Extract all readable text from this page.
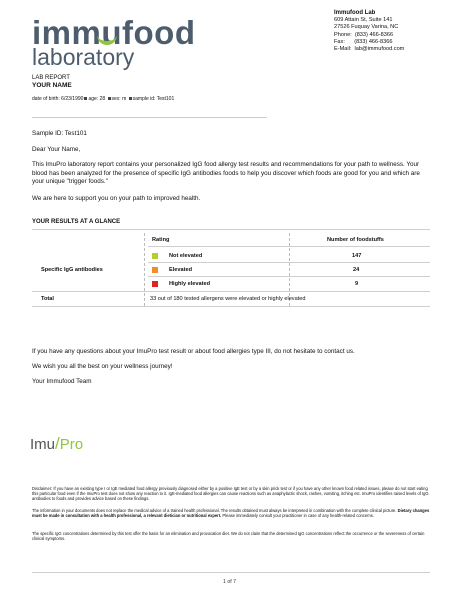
immufood
laboratory
Immufood Lab
609 Attain St, Suite 141
27526 Fuquay Varina, NC
Phone:  (833) 466-8366
Fax:      (833) 466-8366
E-Mail:  lab@immufood.com
LAB REPORT
YOUR NAME
date of birth: 6/23/1990 age: 28 sex: m sample id: Test101
Sample ID: Test101
Dear Your Name,
This ImuPro laboratory report contains your personalized IgG food allergy test results and recommendations for your path to wellness. Your blood has been analyzed for the presence of specific IgG antibodies foods to help you discover which foods are good for you and which are your unique "trigger foods."
We are here to support you on your path to improved health.
YOUR RESULTS AT A GLANCE
Rating	Number of foodstuffs
Specific IgG antibodies
Not elevated	147
Elevated	24
Highly elevated	9
Total	33 out of 180 tested allergens were elevated or highly elevated
If you have any questions about your ImuPro test result or about food allergies type III, do not hesitate to contact us.
We wish you all the best on your wellness journey!
Your Immufood Team
Imu/Pro
Disclaimer: If you have an existing type I or IgE mediated food allergy previously diagnosed either by a positive IgE test or by a skin prick test or if you have any other known food related issues, please do not start eating this particular food even if the ImuPro test does not show any reaction to it. IgE-mediated food allergies can cause reactions such as anaphylactic shock, rashes, vomiting, itching etc. ImuPro identifies raised levels of IgG antibodies to foods and provides advice based on these findings.
The information in your documents does not replace the medical advice of a trained health professional. The results obtained must always be interpreted in combination with the complete clinical picture. Dietary changes must be made in consultation with a health professional, a relevant dietician or nutritional expert. Please immediately consult your practitioner in case of any health-related concerns.
The specific IgG concentrations determined by this test offer the basis for an elimination and provocation diet. We do not claim that the determined IgG concentrations reflect the occurrence or the severeness of certain clinical symptoms.
1 of 7
